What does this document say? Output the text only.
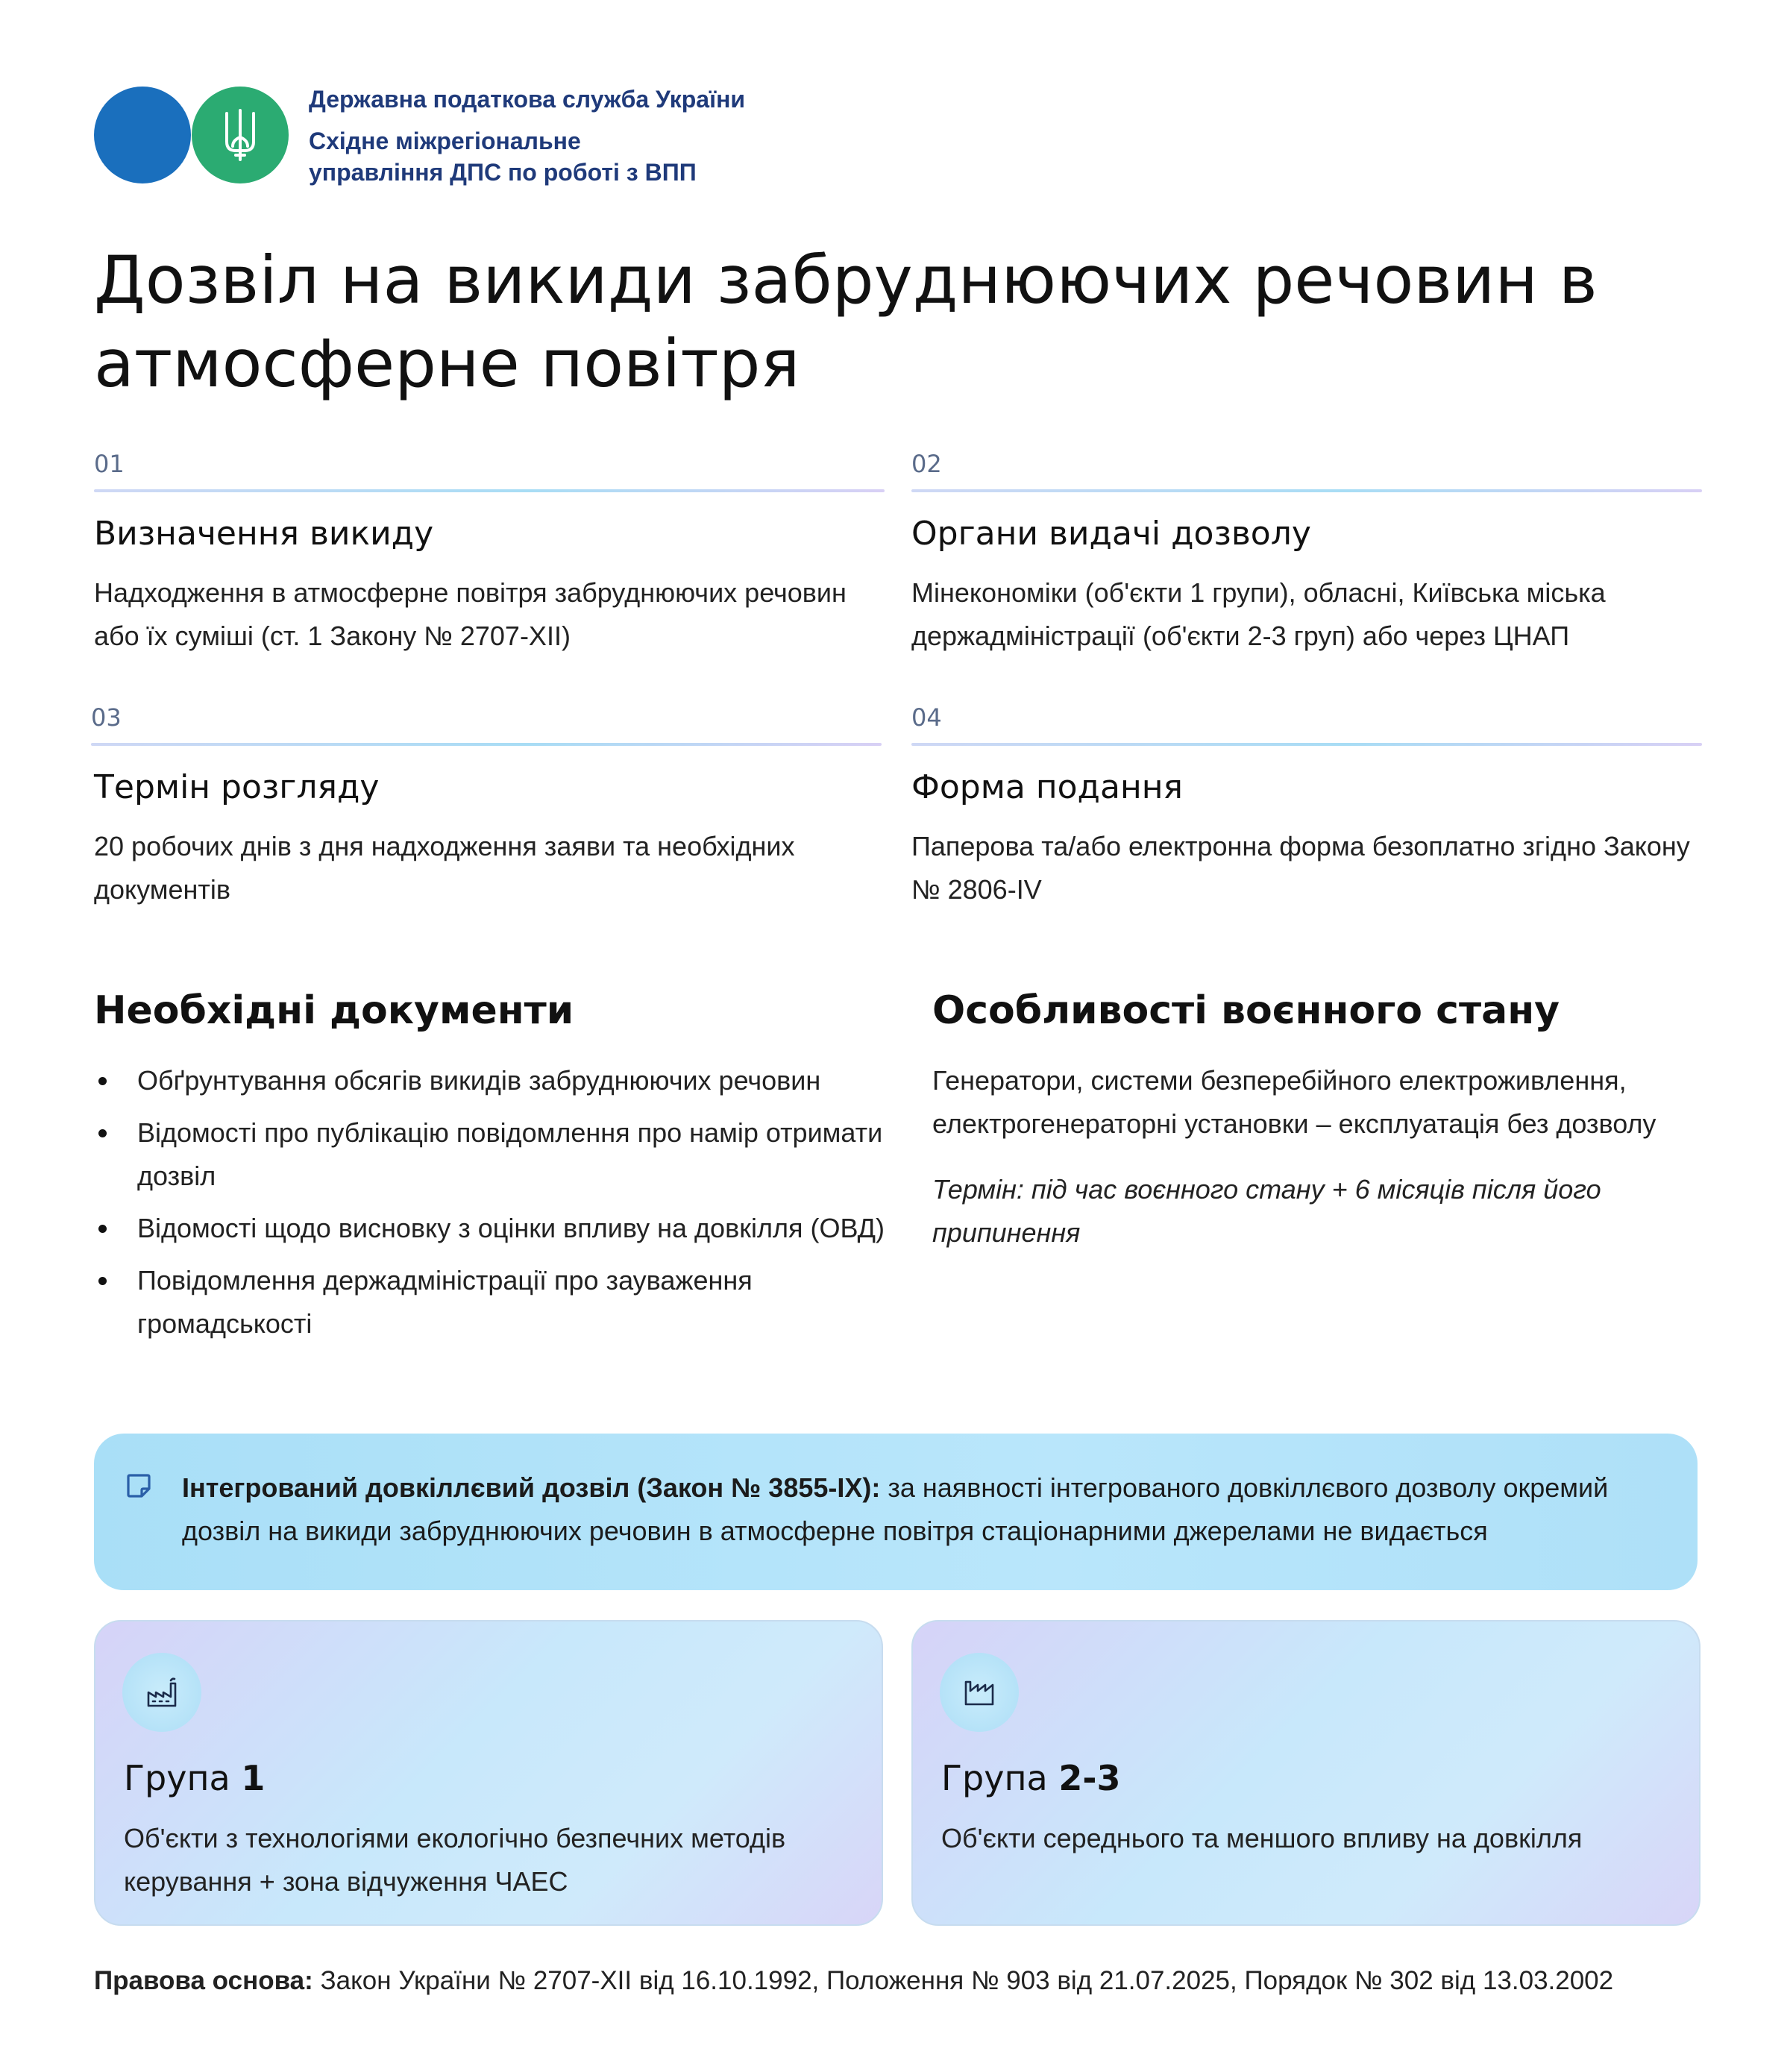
Державна податкова служба України
Східне міжрегіональне
управління ДПС по роботі з ВПП
Дозвіл на викиди забруднюючих речовин в атмосферне повітря
01
Визначення викиду
Надходження в атмосферне повітря забруднюючих речовин або їх суміші (ст. 1 Закону № 2707-XII)
02
Органи видачі дозволу
Мінекономіки (об'єкти 1 групи), обласні, Київська міська держадміністрації (об'єкти 2-3 груп) або через ЦНАП
03
Термін розгляду
20 робочих днів з дня надходження заяви та необхідних документів
04
Форма подання
Паперова та/або електронна форма безоплатно згідно Закону № 2806-IV
Необхідні документи
Обґрунтування обсягів викидів забруднюючих речовин
Відомості про публікацію повідомлення про намір отримати дозвіл
Відомості щодо висновку з оцінки впливу на довкілля (ОВД)
Повідомлення держадміністрації про зауваження громадськості
Особливості воєнного стану
Генератори, системи безперебійного електроживлення, електрогенераторні установки – експлуатація без дозволу
Термін: під час воєнного стану + 6 місяців після його припинення
Інтегрований довкіллєвий дозвіл (Закон № 3855-IX): за наявності інтегрованого довкіллєвого дозволу окремий дозвіл на викиди забруднюючих речовин в атмосферне повітря стаціонарними джерелами не видається
Група 1
Об'єкти з технологіями екологічно безпечних методів керування + зона відчуження ЧАЕС
Група 2-3
Об'єкти середнього та меншого впливу на довкілля
Правова основа: Закон України № 2707-XII від 16.10.1992, Положення № 903 від 21.07.2025, Порядок № 302 від 13.03.2002
